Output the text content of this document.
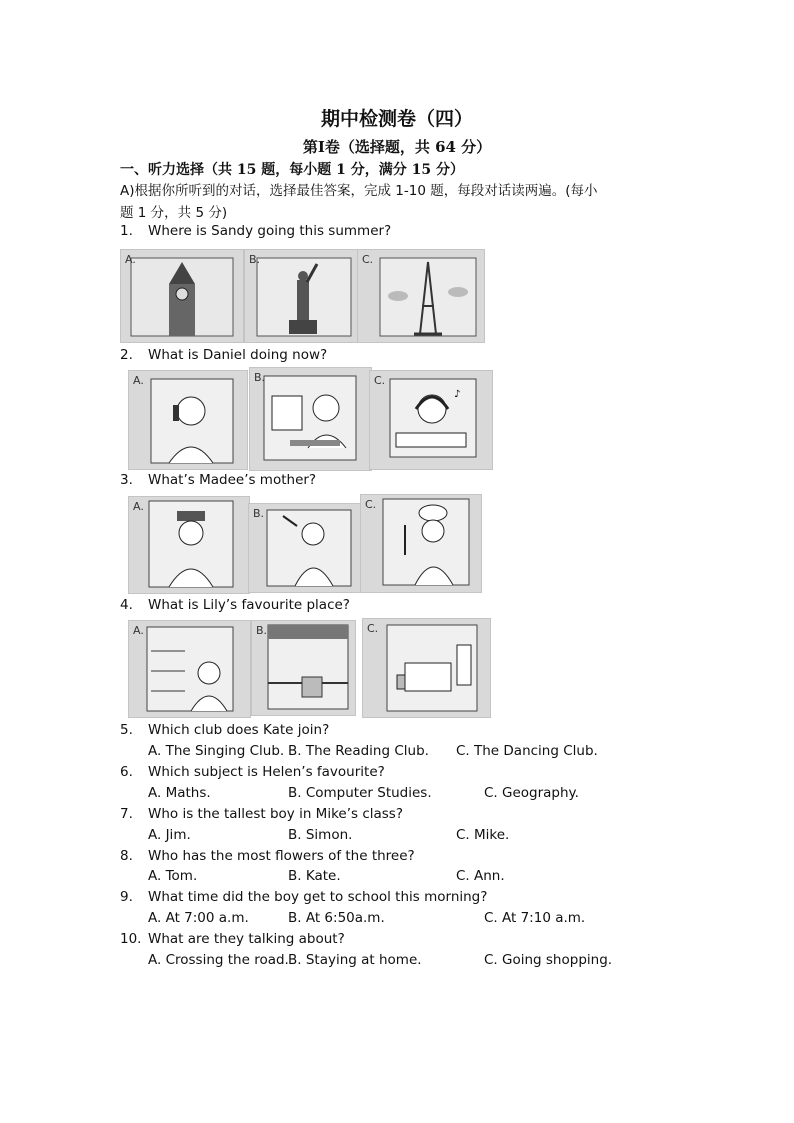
期中检测卷（四）
第Ⅰ卷（选择题，共 64 分）
一、听力选择（共 15 题，每小题 1 分，满分 15 分）
A)根据你所听到的对话，选择最佳答案，完成 1-10 题，每段对话读两遍。(每小
题 1 分，共 5 分)
1. Where is Sandy going this summer?
A.	B.	C.
2. What is Daniel doing now?
A.	B.
♪
C.
3. What’s Madee’s mother?
A.
B.
C.
4. What is Lily’s favourite place?
A.	B.	C.
5. Which club does Kate join?
A. The Singing Club. B. The Reading Club. C. The Dancing Club.
6. Which subject is Helen’s favourite?
A. Maths.	B. Computer Studies.	C. Geography.
7. Who is the tallest boy in Mike’s class?
A. Jim.	B. Simon.	C. Mike.
8. Who has the most flowers of the three?
A. Tom.	B. Kate.	C. Ann.
9. What time did the boy get to school this morning?
A. At 7:00 a.m.	B. At 6:50a.m.	C. At 7:10 a.m.
10. What are they talking about?
A. Crossing the road. B. Staying at home.	C. Going shopping.
